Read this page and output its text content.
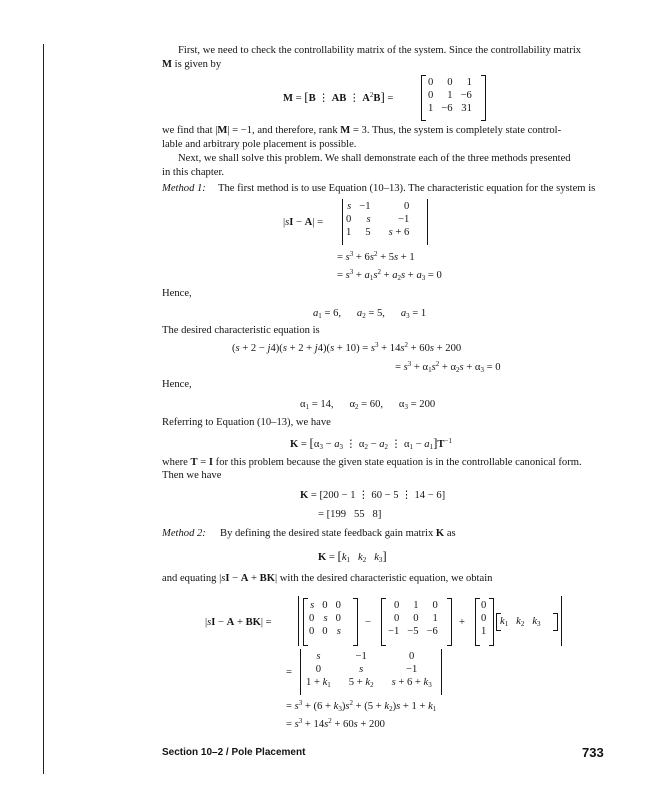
First, we need to check the controllability matrix of the system. Since the controllability matrix
M is given by
M = [B ⋮ AB ⋮ $A^2B$] =
0	0	1
0	1	−6
1	−6	31
we find that |M| = −1, and therefore, rank M = 3. Thus, the system is completely state control-
lable and arbitrary pole placement is possible.
Next, we shall solve this problem. We shall demonstrate each of the three methods presented
in this chapter.
Method 1: The first method is to use Equation (10–13). The characteristic equation for the system is
|sI − A| =
s	−1	0
0	s	−1
1	5	s + 6
= $s^3 + 6s^2 + 5s + 1$
= $s^3 + a_1s^2 + a_2s + a_3 = 0$
Hence,
$a_1 = 6$,      $a_2 = 5$,      $a_3 = 1$
The desired characteristic equation is
$(s + 2 - j4)(s + 2 + j4)(s + 10) = s^3 + 14s^2 + 60s + 200$
= $s^3 + \alpha_1s^2 + \alpha_2s + \alpha_3 = 0$
Hence,
$\alpha_1 = 14$,      $\alpha_2 = 60$,      $\alpha_3 = 200$
Referring to Equation (10–13), we have
$K = [\alpha_3 - a_3$ ⋮ $\alpha_2 - a_2$ ⋮ $\alpha_1 - a_1]T^{-1}$
where T = I for this problem because the given state equation is in the controllable canonical form.
Then we have
K = [200 − 1 ⋮ 60 − 5 ⋮ 14 − 6]
= [199   55   8]
Method 2: By defining the desired state feedback gain matrix K as
$K = [k_1$ $k_2$ $k_3$]
and equating |sI − A + BK| with the desired characteristic equation, we obtain
|sI − A + BK| =
s	0	0
0	s	0
0	0	s
−
0	1	0
0	0	1
−1	−5	−6
+
0
0
1
$k_1$ $k_2$ $k_3$
=
s	−1	0
0	s	−1
$1 + k_1$	$5 + k_2$	$s + 6 + k_3$
= $s^3 + (6 + k_3)s^2 + (5 + k_2)s + 1 + k_1$
= $s^3 + 14s^2 + 60s + 200$
Section 10–2 / Pole Placement	733
